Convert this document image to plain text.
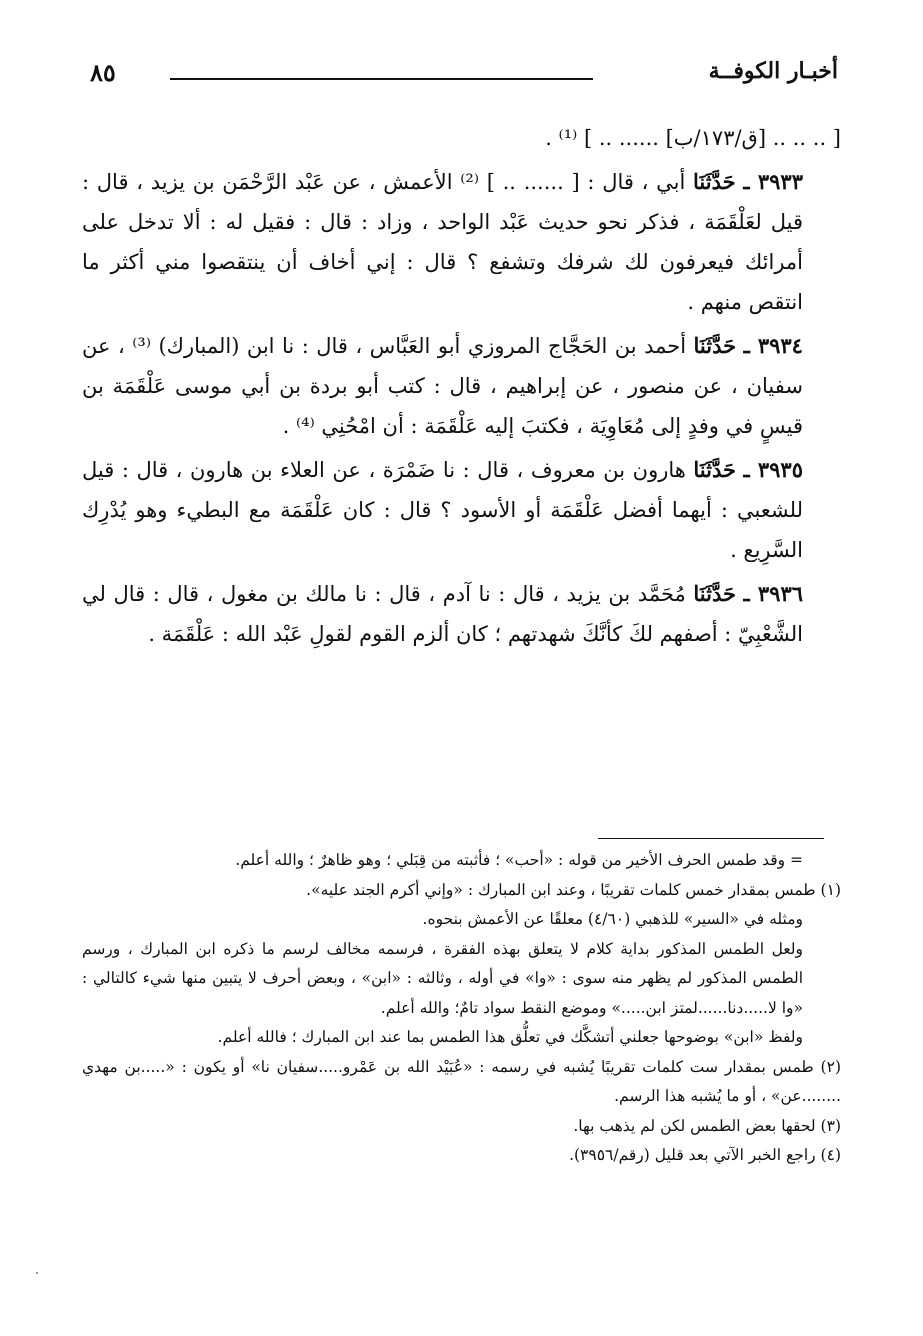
أخبـار الكوفــة
٨٥

[ .. .. .. [ق/١٧٣/ب] ...... .. ] ⁽¹⁾ .

٣٩٣٣ ـ حَدَّثَنَا أبي ، قال : [ ...... .. ] ⁽²⁾ الأعمش ، عن عَبْد الرَّحْمَن بن يزيد ، قال : قيل لعَلْقَمَة ، فذكر نحو حديث عَبْد الواحد ، وزاد : قال : فقيل له : ألا تدخل على أمرائك فيعرفون لك شرفك وتشفع ؟ قال : إني أخاف أن ينتقصوا مني أكثر ما انتقص منهم .

٣٩٣٤ ـ حَدَّثَنَا أحمد بن الحَجَّاج المروزي أبو العَبَّاس ، قال : نا ابن (المبارك) ⁽³⁾ ، عن سفيان ، عن منصور ، عن إبراهيم ، قال : كتب أبو بردة بن أبي موسى عَلْقَمَة بن قيسٍ في وفدٍ إلى مُعَاوِيَة ، فكتبَ إليه عَلْقَمَة : أن امْحُنِي ⁽⁴⁾ .

٣٩٣٥ ـ حَدَّثَنَا هارون بن معروف ، قال : نا ضَمْرَة ، عن العلاء بن هارون ، قال : قيل للشعبي : أيهما أفضل عَلْقَمَة أو الأسود ؟ قال : كان عَلْقَمَة مع البطيء وهو يُدْرِك السَّرِيع .

٣٩٣٦ ـ حَدَّثَنَا مُحَمَّد بن يزيد ، قال : نا آدم ، قال : نا مالك بن مغول ، قال : قال لي الشَّعْبِيّ : أصفهم لكَ كأنَّكَ شهدتهم ؛ كان ألزم القوم لقولِ عَبْد الله : عَلْقَمَة .

= وقد طمس الحرف الأخير من قوله : «أحب» ؛ فأثبته من قِبَلي ؛ وهو ظاهرٌ ؛ والله أعلم.

(١) طمس بمقدار خمس كلمات تقريبًا ، وعند ابن المبارك : «وإني أكرم الجند عليه».

ومثله في «السير» للذهبي (٤/٦٠) معلقًا عن الأعمش بنحوه.

ولعل الطمس المذكور بداية كلام لا يتعلق بهذه الفقرة ، فرسمه مخالف لرسم ما ذكره ابن المبارك ، ورسم الطمس المذكور لم يظهر منه سوى : «وا» في أوله ، وثالثه : «ابن» ، وبعض أحرف لا يتبين منها شيء كالتالي : «وا لا.....دنا......لمتز ابن.....» وموضع النقط سواد تامٌ؛ والله أعلم.

ولفظ «ابن» بوضوحها جعلني أتشكَّك في تعلُّق هذا الطمس بما عند ابن المبارك ؛ فالله أعلم.

(٢) طمس بمقدار ست كلمات تقريبًا يُشبه في رسمه : «عُبَيْد الله بن عَمْرو.....سفيان نا» أو يكون : «.....بن مهدي ........عن» ، أو ما يُشبه هذا الرسم.

(٣) لحقها بعض الطمس لكن لم يذهب بها.

(٤) راجع الخبر الآتي بعد قليل (رقم/٣٩٥٦).
